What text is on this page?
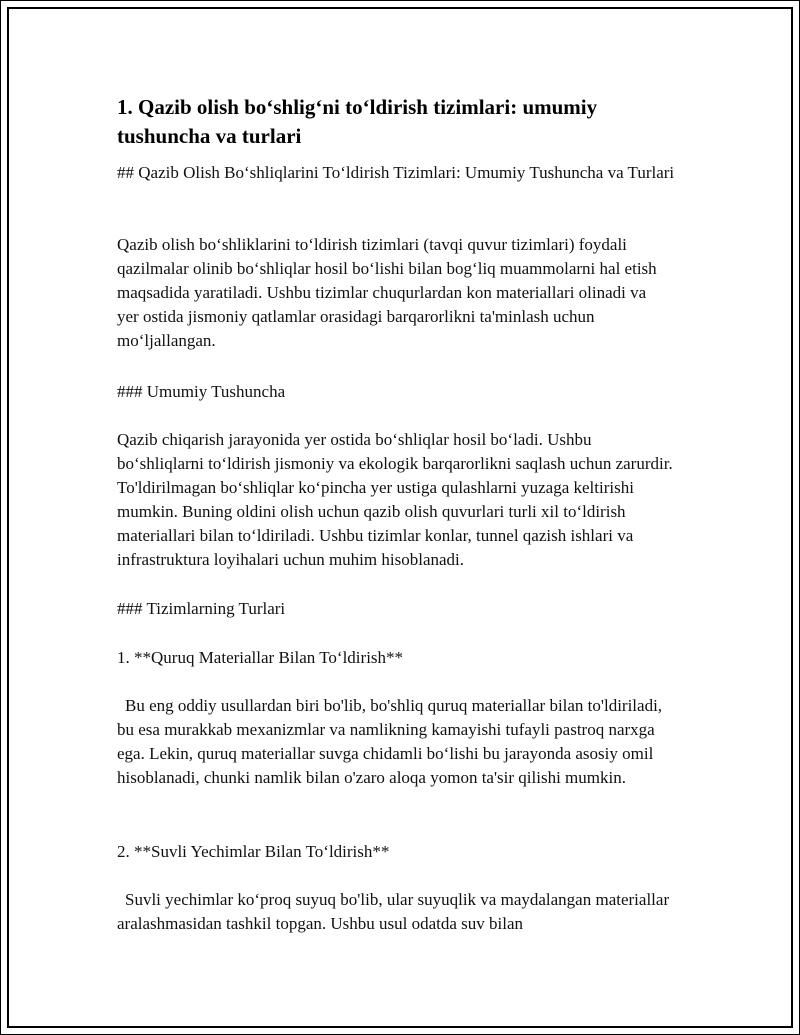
1. Qazib olish bo‘shlig‘ni to‘ldirish tizimlari: umumiy tushuncha va turlari

## Qazib Olish Bo‘shliqlarini To‘ldirish Tizimlari: Umumiy Tushuncha va Turlari

Qazib olish bo‘shliklarini to‘ldirish tizimlari (tavqi quvur tizimlari) foydali qazilmalar olinib bo‘shliqlar hosil bo‘lishi bilan bog‘liq muammolarni hal etish maqsadida yaratiladi. Ushbu tizimlar chuqurlardan kon materiallari olinadi va yer ostida jismoniy qatlamlar orasidagi barqarorlikni ta'minlash uchun mo‘ljallangan.

### Umumiy Tushuncha

Qazib chiqarish jarayonida yer ostida bo‘shliqlar hosil bo‘ladi. Ushbu bo‘shliqlarni to‘ldirish jismoniy va ekologik barqarorlikni saqlash uchun zarurdir. To'ldirilmagan bo‘shliqlar ko‘pincha yer ustiga qulashlarni yuzaga keltirishi mumkin. Buning oldini olish uchun qazib olish quvurlari turli xil to‘ldirish materiallari bilan to‘ldiriladi. Ushbu tizimlar konlar, tunnel qazish ishlari va infrastruktura loyihalari uchun muhim hisoblanadi.

### Tizimlarning Turlari

1. **Quruq Materiallar Bilan To‘ldirish**

Bu eng oddiy usullardan biri bo'lib, bo'shliq quruq materiallar bilan to'ldiriladi, bu esa murakkab mexanizmlar va namlikning kamayishi tufayli pastroq narxga ega. Lekin, quruq materiallar suvga chidamli bo‘lishi bu jarayonda asosiy omil hisoblanadi, chunki namlik bilan o'zaro aloqa yomon ta'sir qilishi mumkin.

2. **Suvli Yechimlar Bilan To‘ldirish**

Suvli yechimlar ko‘proq suyuq bo'lib, ular suyuqlik va maydalangan materiallar aralashmasidan tashkil topgan. Ushbu usul odatda suv bilan
